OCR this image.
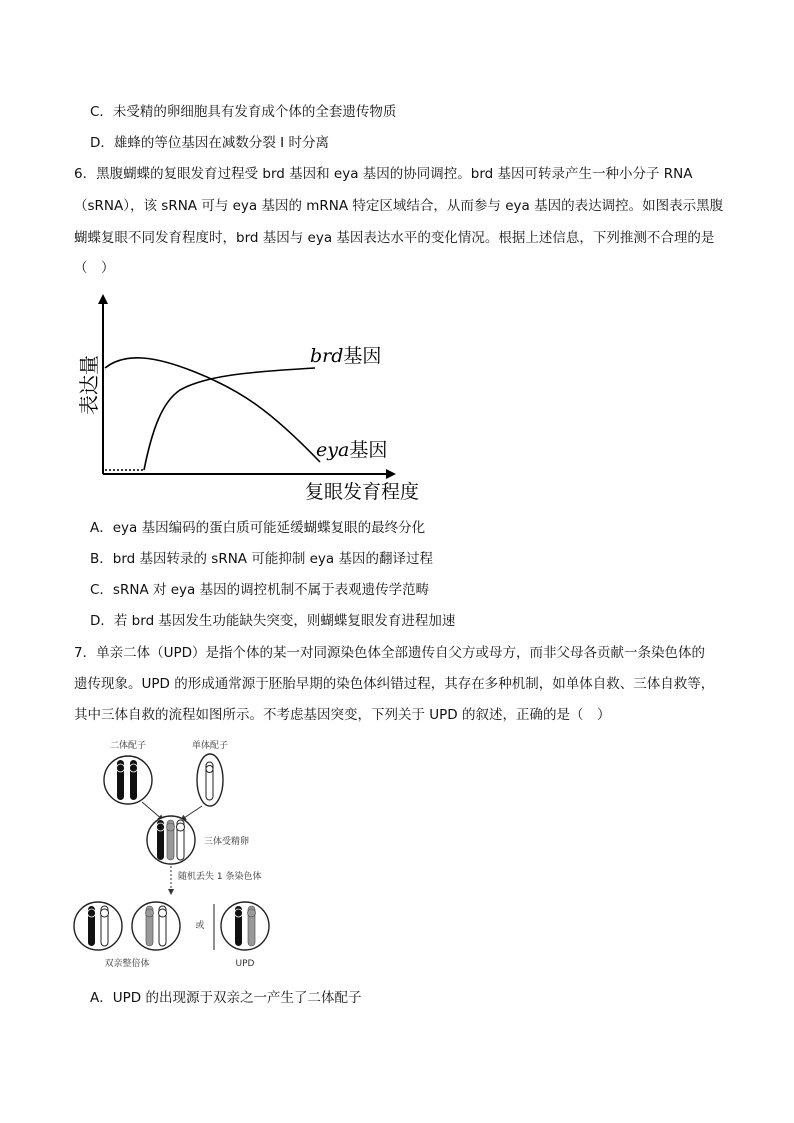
C．未受精的卵细胞具有发育成个体的全套遗传物质
D．雄蜂的等位基因在减数分裂 I 时分离
6．黑腹蝴蝶的复眼发育过程受 brd 基因和 eya 基因的协同调控。brd 基因可转录产生一种小分子 RNA
（sRNA），该 sRNA 可与 eya 基因的 mRNA 特定区域结合，从而参与 eya 基因的表达调控。如图表示黑腹
蝴蝶复眼不同发育程度时，brd 基因与 eya 基因表达水平的变化情况。根据上述信息，下列推测不合理的是
（　）
表达量
复眼发育程度
brd基因
eya基因
A．eya 基因编码的蛋白质可能延缓蝴蝶复眼的最终分化
B．brd 基因转录的 sRNA 可能抑制 eya 基因的翻译过程
C．sRNA 对 eya 基因的调控机制不属于表观遗传学范畴
D．若 brd 基因发生功能缺失突变，则蝴蝶复眼发育进程加速
7．单亲二体（UPD）是指个体的某一对同源染色体全部遗传自父方或母方，而非父母各贡献一条染色体的
遗传现象。UPD 的形成通常源于胚胎早期的染色体纠错过程，其存在多种机制，如单体自救、三体自救等，
其中三体自救的流程如图所示。不考虑基因突变，下列关于 UPD 的叙述，正确的是（　）
二体配子	单体配子
三体受精卵
随机丢失 1 条染色体
双亲整倍体
或
UPD
A．UPD 的出现源于双亲之一产生了二体配子
